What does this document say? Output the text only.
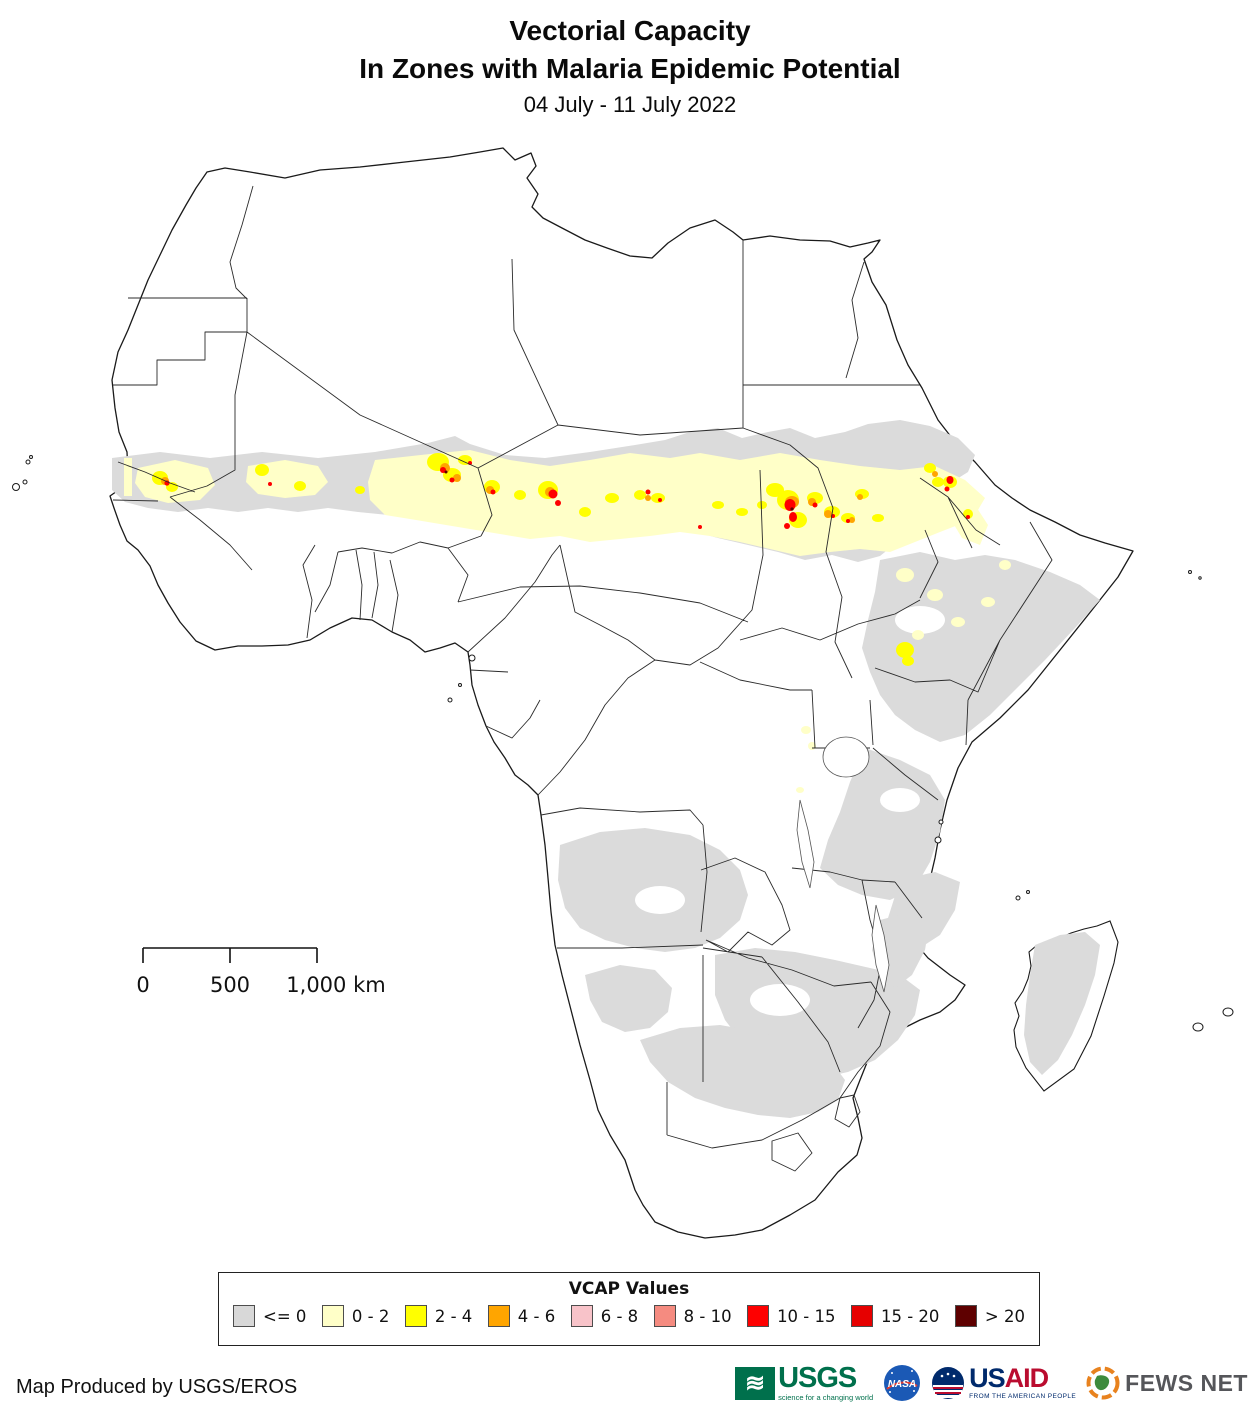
Vectorial Capacity
In Zones with Malaria Epidemic Potential
04 July - 11 July 2022
0	500 1,000 km
VCAP Values
<= 0	0 - 2	2 - 4	4 - 6	6 - 8	8 - 10	10 - 15	15 - 20	> 20
Map Produced by USGS/EROS	≋ USGS
science for a changing world
NASA USAID
FROM THE AMERICAN PEOPLE
FEWS NET
